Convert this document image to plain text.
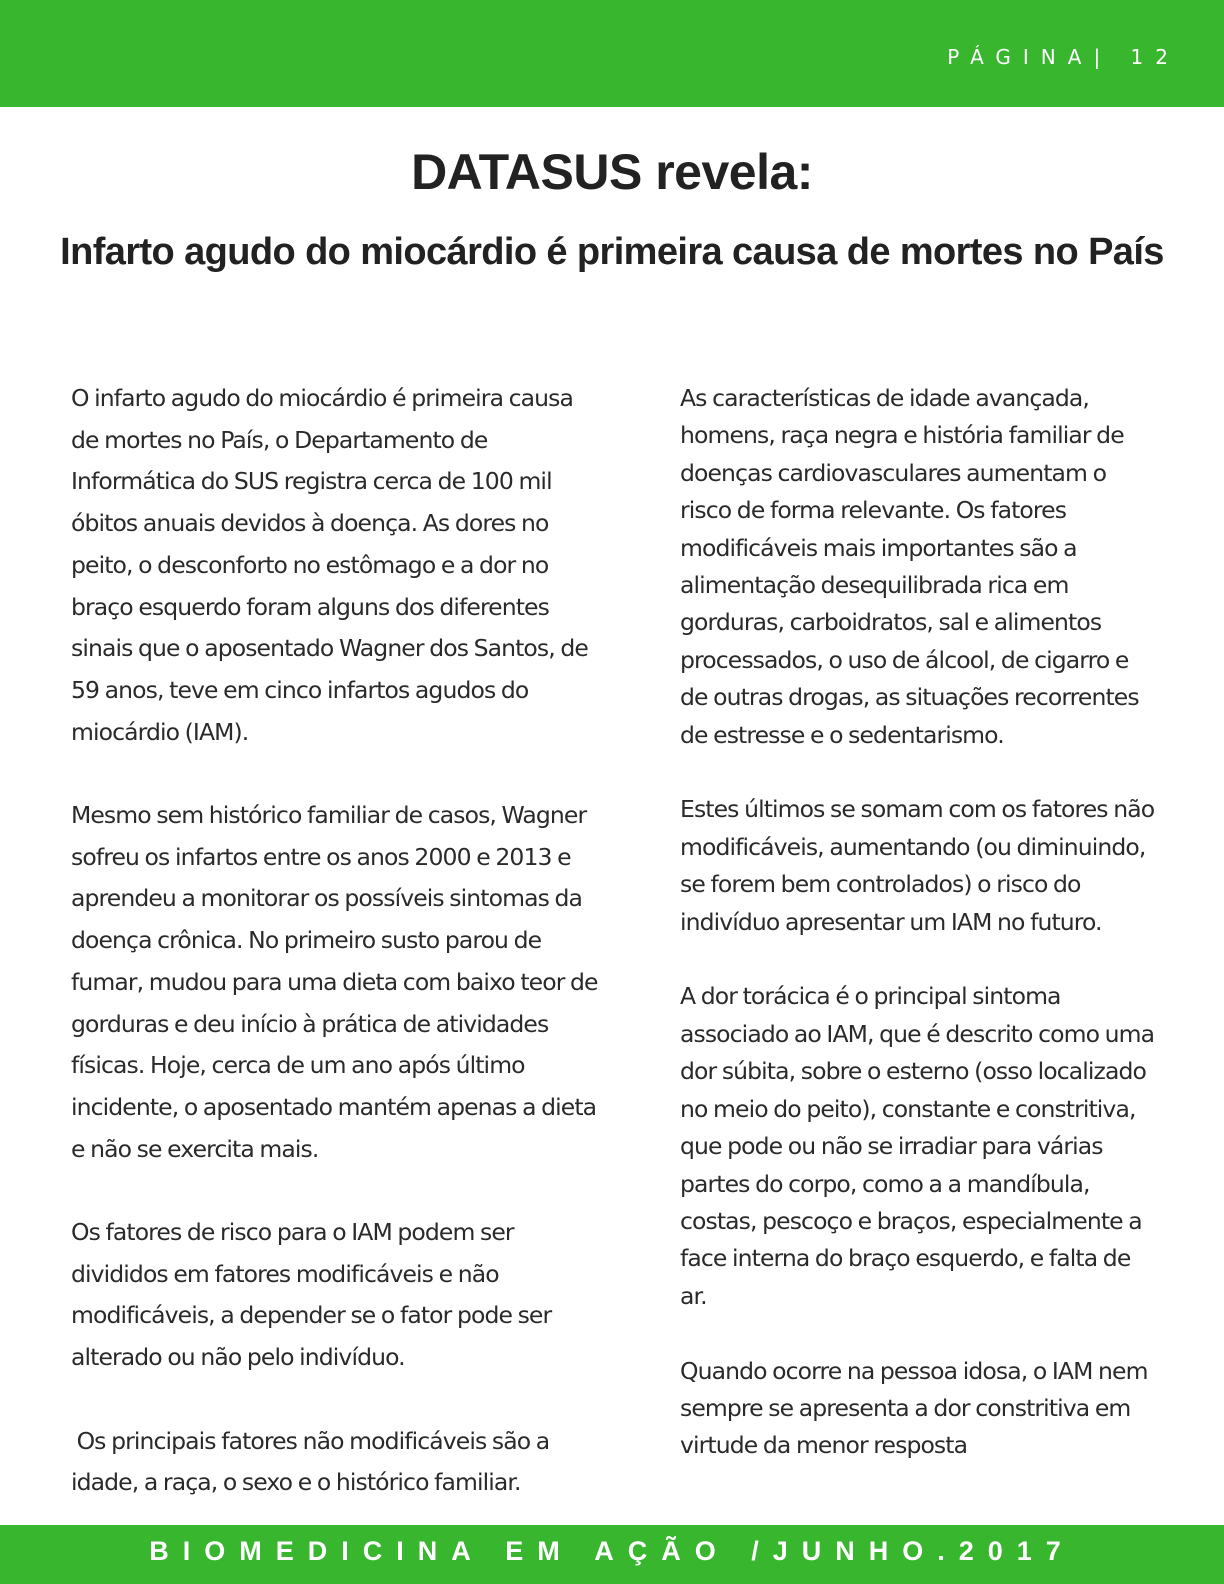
PÁGINA| 12
DATASUS revela:
Infarto agudo do miocárdio é primeira causa de mortes no País

O infarto agudo do miocárdio é primeira causa de mortes no País, o Departamento de Informática do SUS registra cerca de 100 mil óbitos anuais devidos à doença. As dores no peito, o desconforto no estômago e a dor no braço esquerdo foram alguns dos diferentes sinais que o aposentado Wagner dos Santos, de 59 anos, teve em cinco infartos agudos do miocárdio (IAM).

Mesmo sem histórico familiar de casos, Wagner sofreu os infartos entre os anos 2000 e 2013 e aprendeu a monitorar os possíveis sintomas da doença crônica. No primeiro susto parou de fumar, mudou para uma dieta com baixo teor de gorduras e deu início à prática de atividades físicas. Hoje, cerca de um ano após último incidente, o aposentado mantém apenas a dieta e não se exercita mais.

Os fatores de risco para o IAM podem ser divididos em fatores modificáveis e não modificáveis, a depender se o fator pode ser alterado ou não pelo indivíduo.

Os principais fatores não modificáveis são a idade, a raça, o sexo e o histórico familiar.

As características de idade avançada, homens, raça negra e história familiar de doenças cardiovasculares aumentam o risco de forma relevante. Os fatores modificáveis mais importantes são a alimentação desequilibrada rica em gorduras, carboidratos, sal e alimentos processados, o uso de álcool, de cigarro e de outras drogas, as situações recorrentes de estresse e o sedentarismo.

Estes últimos se somam com os fatores não modificáveis, aumentando (ou diminuindo, se forem bem controlados) o risco do indivíduo apresentar um IAM no futuro.

A dor torácica é o principal sintoma associado ao IAM, que é descrito como uma dor súbita, sobre o esterno (osso localizado no meio do peito), constante e constritiva, que pode ou não se irradiar para várias partes do corpo, como a a mandíbula, costas, pescoço e braços, especialmente a face interna do braço esquerdo, e falta de ar.

Quando ocorre na pessoa idosa, o IAM nem sempre se apresenta a dor constritiva em virtude da menor resposta

BIOMEDICINA EM AÇÃO /JUNHO.2017
